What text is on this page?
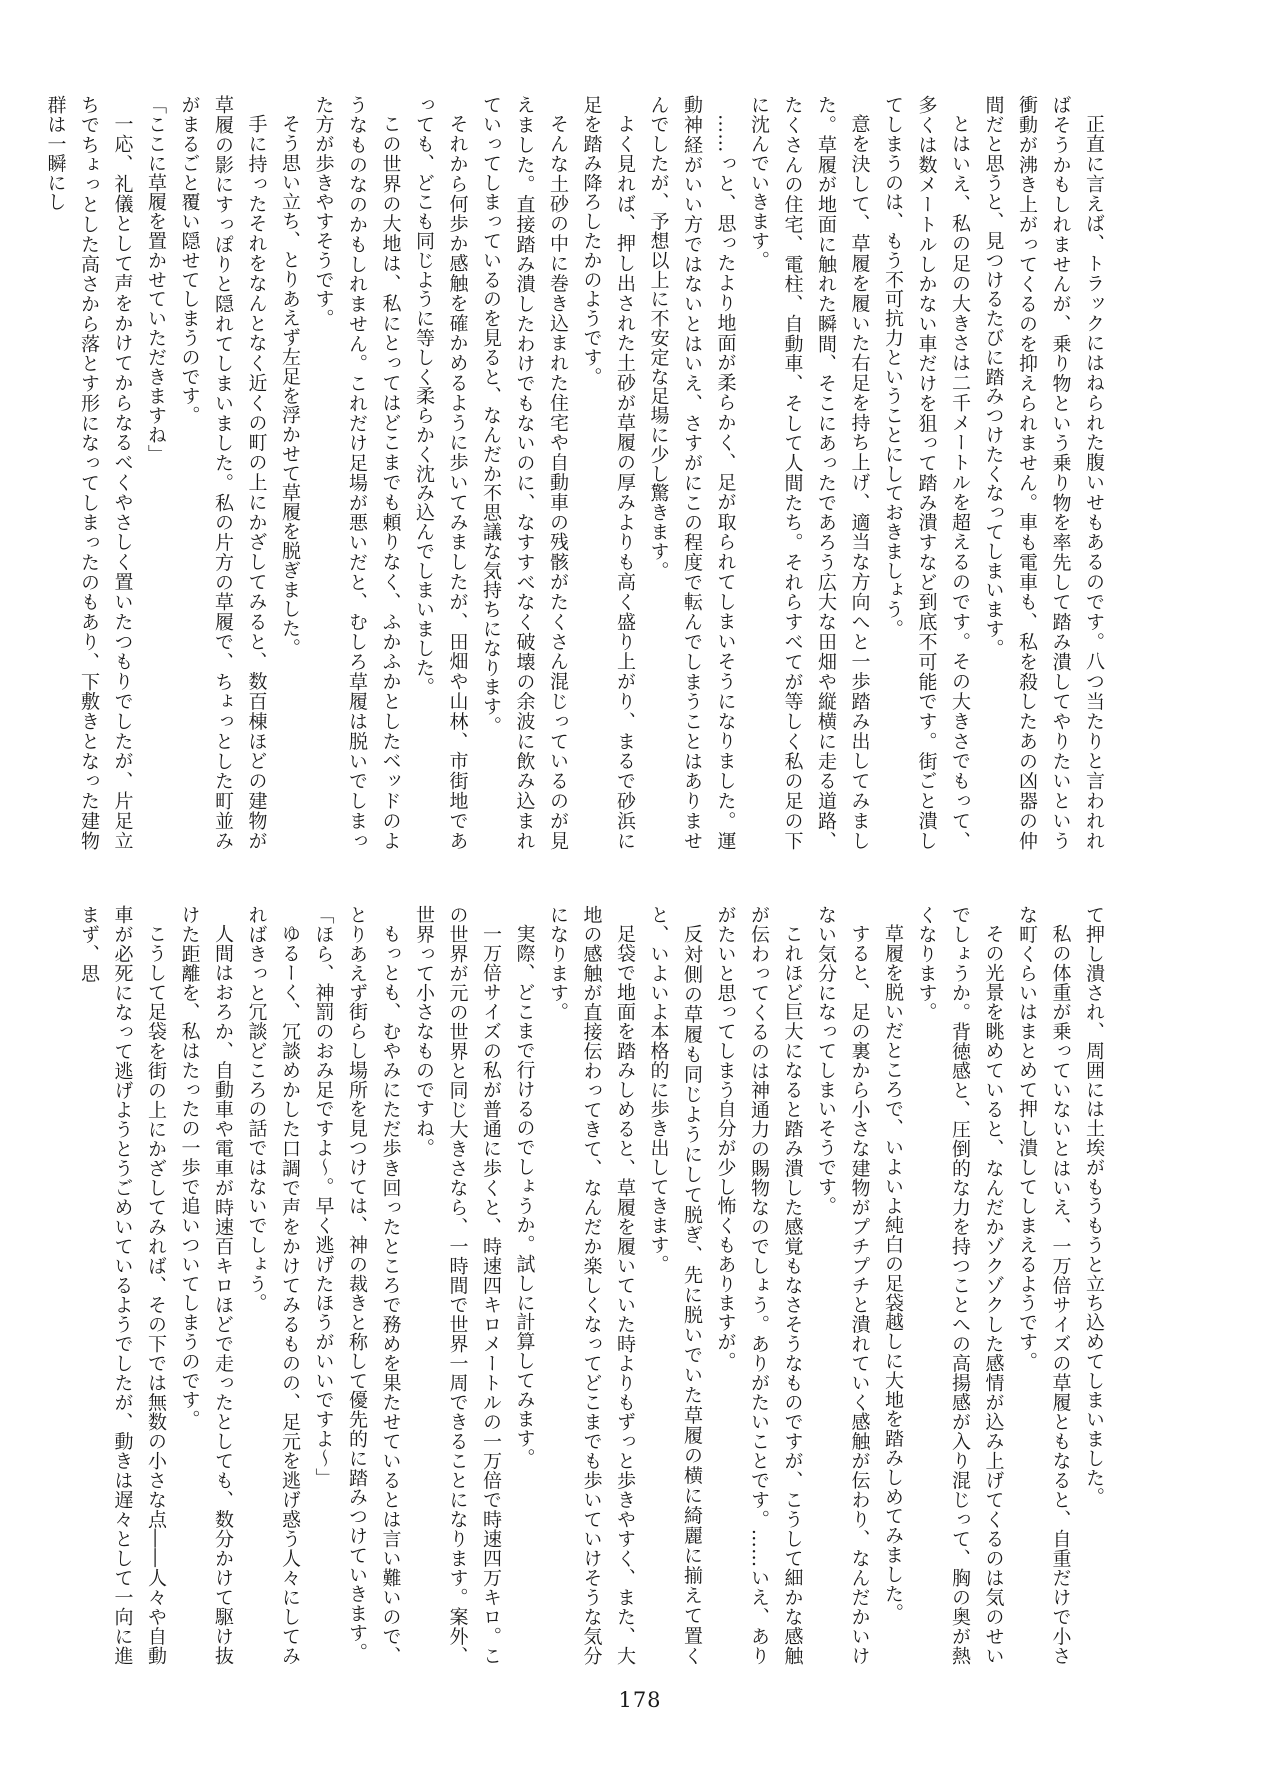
正直に言えば、トラックにはねられた腹いせもあるのです。八つ当たりと言われればそうかもしれませんが、乗り物という乗り物を率先して踏み潰してやりたいという衝動が沸き上がってくるのを抑えられません。車も電車も、私を殺したあの凶器の仲間だと思うと、見つけるたびに踏みつけたくなってしまいます。

とはいえ、私の足の大きさは二千メートルを超えるのです。その大きさでもって、多くは数メートルしかない車だけを狙って踏み潰すなど到底不可能です。街ごと潰してしまうのは、もう不可抗力ということにしておきましょう。

意を決して、草履を履いた右足を持ち上げ、適当な方向へと一歩踏み出してみました。草履が地面に触れた瞬間、そこにあったであろう広大な田畑や縦横に走る道路、たくさんの住宅、電柱、自動車、そして人間たち。それらすべてが等しく私の足の下に沈んでいきます。

……っと、思ったより地面が柔らかく、足が取られてしまいそうになりました。運動神経がいい方ではないとはいえ、さすがにこの程度で転んでしまうことはありませんでしたが、予想以上に不安定な足場に少し驚きます。

よく見れば、押し出された土砂が草履の厚みよりも高く盛り上がり、まるで砂浜に足を踏み降ろしたかのようです。

そんな土砂の中に巻き込まれた住宅や自動車の残骸がたくさん混じっているのが見えました。直接踏み潰したわけでもないのに、なすすべなく破壊の余波に飲み込まれていってしまっているのを見ると、なんだか不思議な気持ちになります。

それから何歩か感触を確かめるように歩いてみましたが、田畑や山林、市街地であっても、どこも同じように等しく柔らかく沈み込んでしまいました。

この世界の大地は、私にとってはどこまでも頼りなく、ふかふかとしたベッドのようなものなのかもしれません。これだけ足場が悪いだと、むしろ草履は脱いでしまった方が歩きやすそうです。

そう思い立ち、とりあえず左足を浮かせて草履を脱ぎました。

手に持ったそれをなんとなく近くの町の上にかざしてみると、数百棟ほどの建物が草履の影にすっぽりと隠れてしまいました。私の片方の草履で、ちょっとした町並みがまるごと覆い隠せてしまうのです。

「ここに草履を置かせていただきますね」

一応、礼儀として声をかけてからなるべくやさしく置いたつもりでしたが、片足立ちでちょっとした高さから落とす形になってしまったのもあり、下敷きとなった建物群は一瞬にし

て押し潰され、周囲には土埃がもうもうと立ち込めてしまいました。

私の体重が乗っていないとはいえ、一万倍サイズの草履ともなると、自重だけで小さな町くらいはまとめて押し潰してしまえるようです。

その光景を眺めていると、なんだかゾクゾクした感情が込み上げてくるのは気のせいでしょうか。背徳感と、圧倒的な力を持つことへの高揚感が入り混じって、胸の奥が熱くなります。

草履を脱いだところで、いよいよ純白の足袋越しに大地を踏みしめてみました。

すると、足の裏から小さな建物がプチプチと潰れていく感触が伝わり、なんだかいけない気分になってしまいそうです。

これほど巨大になると踏み潰した感覚もなさそうなものですが、こうして細かな感触が伝わってくるのは神通力の賜物なのでしょう。ありがたいことです。……いえ、ありがたいと思ってしまう自分が少し怖くもありますが。

反対側の草履も同じようにして脱ぎ、先に脱いでいた草履の横に綺麗に揃えて置くと、いよいよ本格的に歩き出してきます。

足袋で地面を踏みしめると、草履を履いていた時よりもずっと歩きやすく、また、大地の感触が直接伝わってきて、なんだか楽しくなってどこまでも歩いていけそうな気分になります。

実際、どこまで行けるのでしょうか。試しに計算してみます。

一万倍サイズの私が普通に歩くと、時速四キロメートルの一万倍で時速四万キロ。この世界が元の世界と同じ大きさなら、一時間で世界一周できることになります。案外、世界って小さなものですね。

もっとも、むやみにただ歩き回ったところで務めを果たせているとは言い難いので、とりあえず街らし場所を見つけては、神の裁きと称して優先的に踏みつけていきます。

「ほら、神罰のおみ足ですよ～。早く逃げたほうがいいですよ～」

ゆるーく、冗談めかした口調で声をかけてみるものの、足元を逃げ惑う人々にしてみればきっと冗談どころの話ではないでしょう。

人間はおろか、自動車や電車が時速百キロほどで走ったとしても、数分かけて駆け抜けた距離を、私はたったの一歩で追いついてしまうのです。

こうして足袋を街の上にかざしてみれば、その下では無数の小さな点――人々や自動車が必死になって逃げようとうごめいているようでしたが、動きは遅々として一向に進まず、思

178
